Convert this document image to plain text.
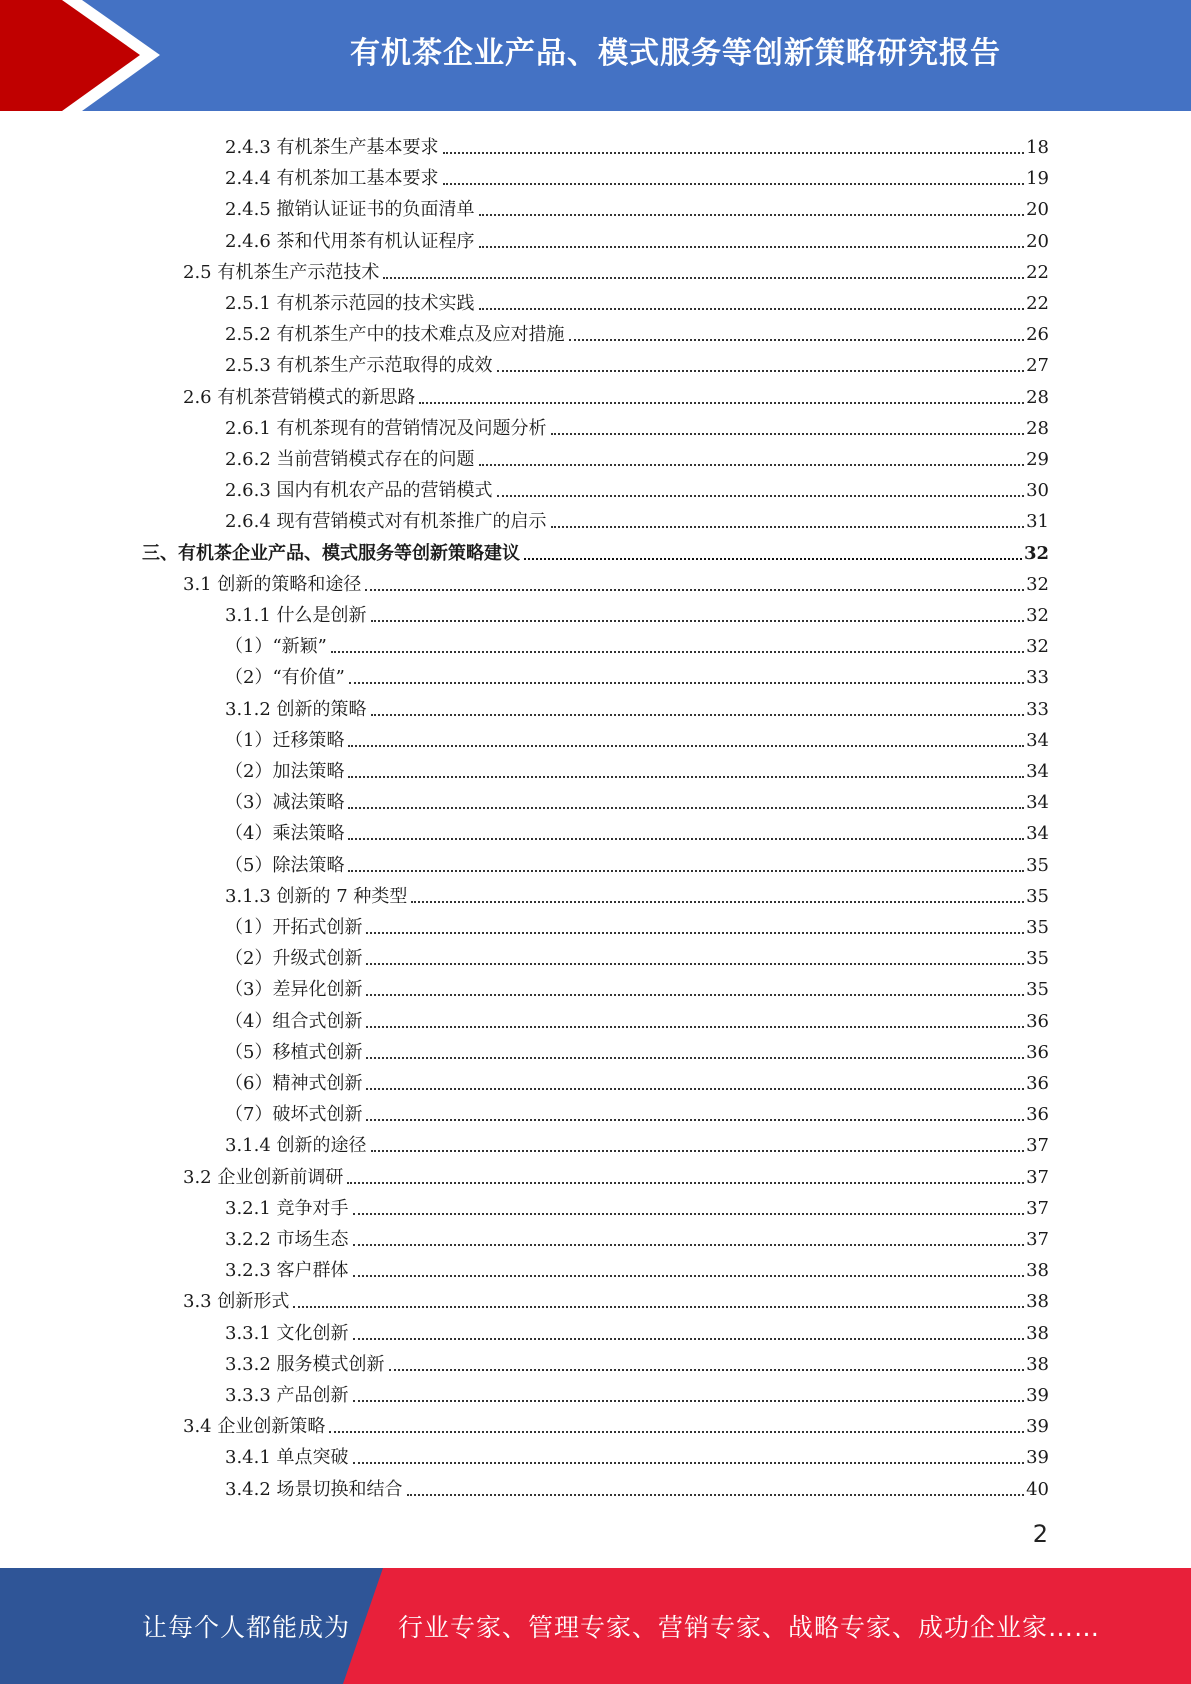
有机茶企业产品、模式服务等创新策略研究报告
2.4.3 有机茶生产基本要求	18
2.4.4 有机茶加工基本要求	19
2.4.5 撤销认证证书的负面清单	20
2.4.6 茶和代用茶有机认证程序	20
2.5 有机茶生产示范技术	22
2.5.1 有机茶示范园的技术实践	22
2.5.2 有机茶生产中的技术难点及应对措施	26
2.5.3 有机茶生产示范取得的成效	27
2.6 有机茶营销模式的新思路	28
2.6.1 有机茶现有的营销情况及问题分析	28
2.6.2 当前营销模式存在的问题	29
2.6.3 国内有机农产品的营销模式	30
2.6.4 现有营销模式对有机茶推广的启示	31
三、有机茶企业产品、模式服务等创新策略建议	32
3.1 创新的策略和途径	32
3.1.1 什么是创新	32
（1）“新颖”	32
（2）“有价值”	33
3.1.2 创新的策略	33
（1）迁移策略	34
（2）加法策略	34
（3）减法策略	34
（4）乘法策略	34
（5）除法策略	35
3.1.3 创新的 7 种类型	35
（1）开拓式创新	35
（2）升级式创新	35
（3）差异化创新	35
（4）组合式创新	36
（5）移植式创新	36
（6）精神式创新	36
（7）破坏式创新	36
3.1.4 创新的途径	37
3.2 企业创新前调研	37
3.2.1 竞争对手	37
3.2.2 市场生态	37
3.2.3 客户群体	38
3.3 创新形式	38
3.3.1 文化创新	38
3.3.2 服务模式创新	38
3.3.3 产品创新	39
3.4 企业创新策略	39
3.4.1 单点突破	39
3.4.2 场景切换和结合	40
2
让每个人都能成为 行业专家、管理专家、营销专家、战略专家、成功企业家……
